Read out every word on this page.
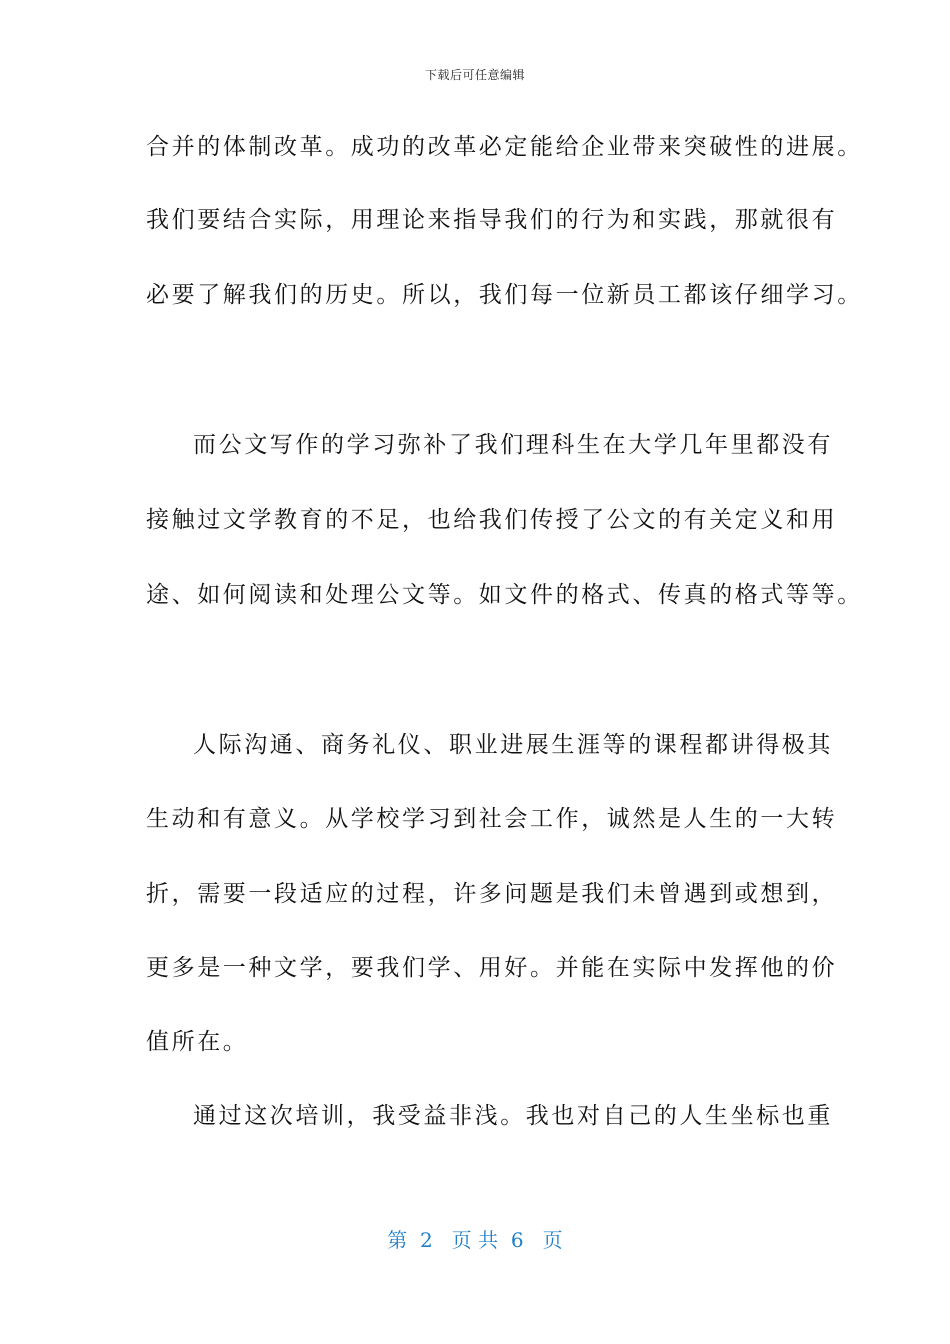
下载后可任意编辑
合并的体制改革。成功的改革必定能给企业带来突破性的进展。
我们要结合实际，用理论来指导我们的行为和实践，那就很有
必要了解我们的历史。所以，我们每一位新员工都该仔细学习。
而公文写作的学习弥补了我们理科生在大学几年里都没有
接触过文学教育的不足，也给我们传授了公文的有关定义和用
途、如何阅读和处理公文等。如文件的格式、传真的格式等等。
人际沟通、商务礼仪、职业进展生涯等的课程都讲得极其
生动和有意义。从学校学习到社会工作，诚然是人生的一大转
折，需要一段适应的过程，许多问题是我们未曾遇到或想到，
更多是一种文学，要我们学、用好。并能在实际中发挥他的价
值所在。
通过这次培训，我受益非浅。我也对自己的人生坐标也重
第  2   页 共  6   页
